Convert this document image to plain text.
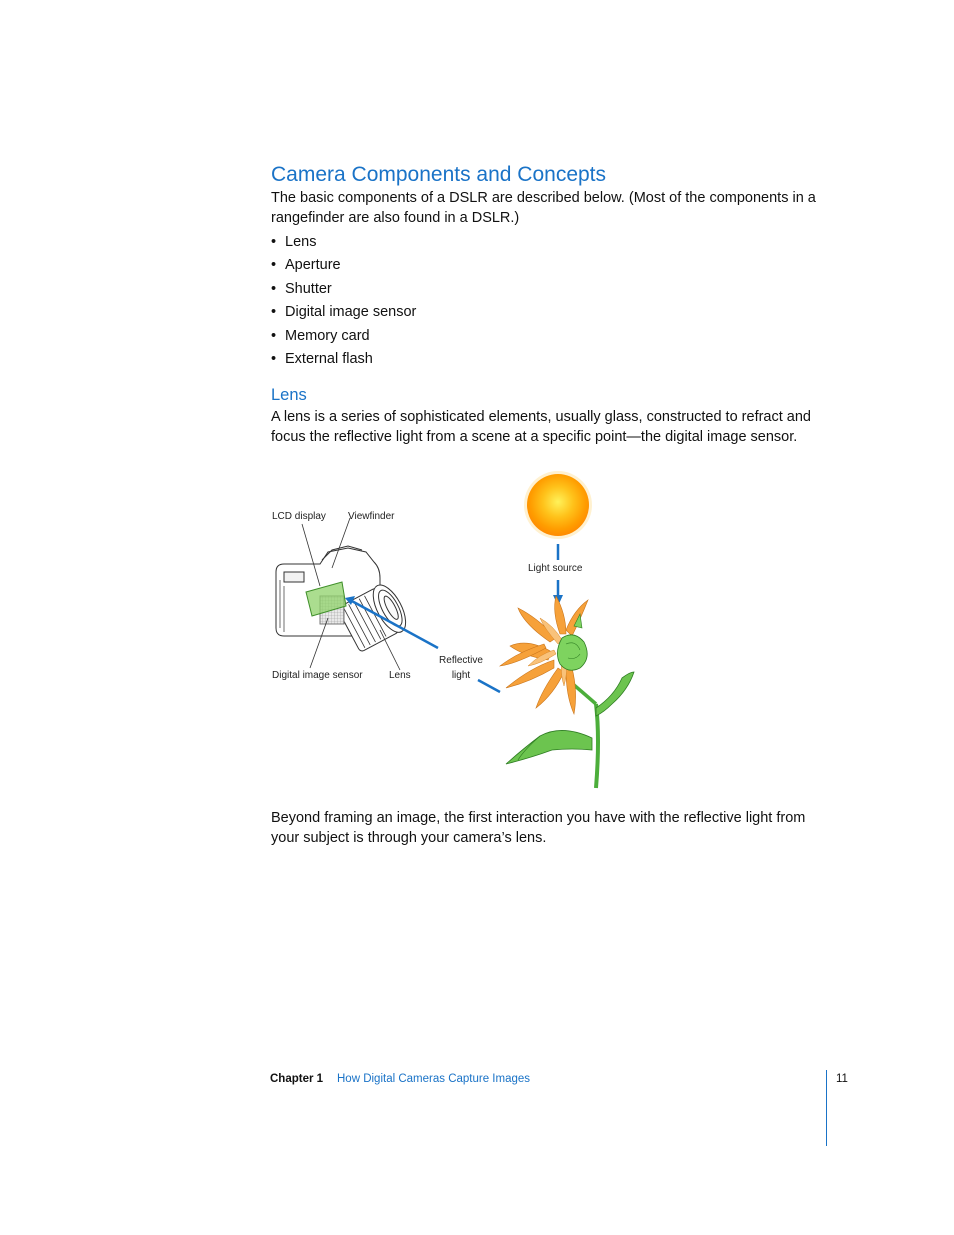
Camera Components and Concepts

The basic components of a DSLR are described below. (Most of the components in a rangefinder are also found in a DSLR.)

• Lens
• Aperture
• Shutter
• Digital image sensor
• Memory card
• External flash
Lens

A lens is a series of sophisticated elements, usually glass, constructed to refract and focus the reflective light from a scene at a specific point—the digital image sensor.

LCD display Viewfinder
Light source
Digital image sensor	Lens
Reflective
light

Beyond framing an image, the first interaction you have with the reflective light from your subject is through your camera’s lens.

Chapter 1 How Digital Cameras Capture Images	11
